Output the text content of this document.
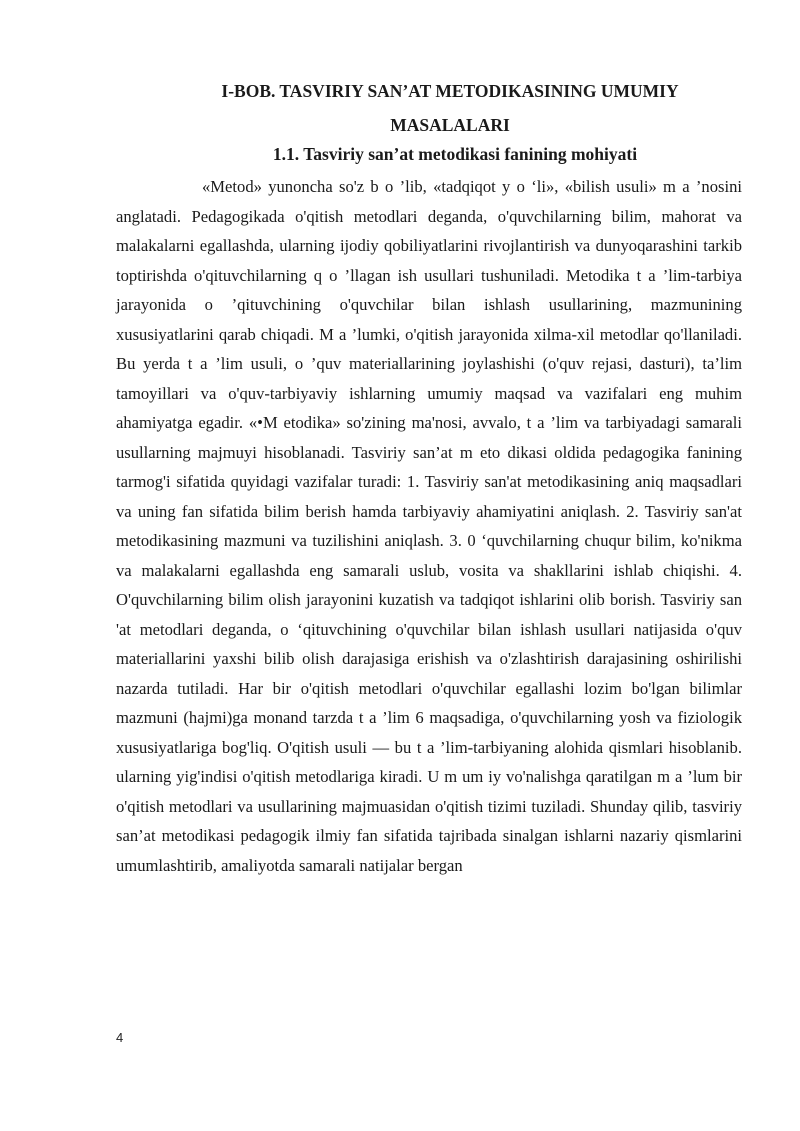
I-BOB. TASVIRIY SAN’AT METODIKASINING UMUMIY
MASALALARI
1.1. Tasviriy san’at metodikasi fanining mohiyati

«Metod» yunoncha so'z b o ’lib, «tadqiqot y o ‘li», «bilish usuli» m a ’nosini anglatadi. Pedagogikada o'qitish metodlari deganda, o'quvchilarning bilim, mahorat va malakalarni egallashda, ularning ijodiy qobiliyatlarini rivojlantirish va dunyoqarashini tarkib toptirishda o'qituvchilarning q o ’llagan ish usullari tushuniladi. Metodika t a ’lim-tarbiya jarayonida o ’qituvchining o'quvchilar bilan ishlash usullarining, mazmunining xususiyatlarini qarab chiqadi. M a ’lumki, o'qitish jarayonida xilma-xil metodlar qo'llaniladi. Bu yerda t a ’lim usuli, o ’quv materiallarining joylashishi (o'quv rejasi, dasturi), ta’lim tamoyillari va o'quv-tarbiyaviy ishlarning umumiy maqsad va vazifalari eng muhim ahamiyatga egadir. «•M etodika» so'zining ma'nosi, avvalo, t a ’lim va tarbiyadagi samarali usullarning majmuyi hisoblanadi. Tasviriy san’at m eto dikasi oldida pedagogika fanining tarmog'i sifatida quyidagi vazifalar turadi: 1. Tasviriy san'at metodikasining aniq maqsadlari va uning fan sifatida bilim berish hamda tarbiyaviy ahamiyatini aniqlash. 2. Tasviriy san'at metodikasining mazmuni va tuzilishini aniqlash. 3. 0 ‘quvchilarning chuqur bilim, ko'nikma va malakalarni egallashda eng samarali uslub, vosita va shakllarini ishlab chiqishi. 4. O'quvchilarning bilim olish jarayonini kuzatish va tadqiqot ishlarini olib borish. Tasviriy san 'at metodlari deganda, o ‘qituvchining o'quvchilar bilan ishlash usullari natijasida o'quv materiallarini yaxshi bilib olish darajasiga erishish va o'zlashtirish darajasining oshirilishi nazarda tutiladi. Har bir o'qitish metodlari o'quvchilar egallashi lozim bo'lgan bilimlar mazmuni (hajmi)ga monand tarzda t a ’lim 6 maqsadiga, o'quvchilarning yosh va fiziologik xususiyatlariga bog'liq. O'qitish usuli — bu t a ’lim-tarbiyaning alohida qismlari hisoblanib. ularning yig'indisi o'qitish metodlariga kiradi. U m um iy vo'nalishga qaratilgan m a ’lum bir o'qitish metodlari va usullarining majmuasidan o'qitish tizimi tuziladi. Shunday qilib, tasviriy san’at metodikasi pedagogik ilmiy fan sifatida tajribada sinalgan ishlarni nazariy qismlarini umumlashtirib, amaliyotda samarali natijalar bergan

4
